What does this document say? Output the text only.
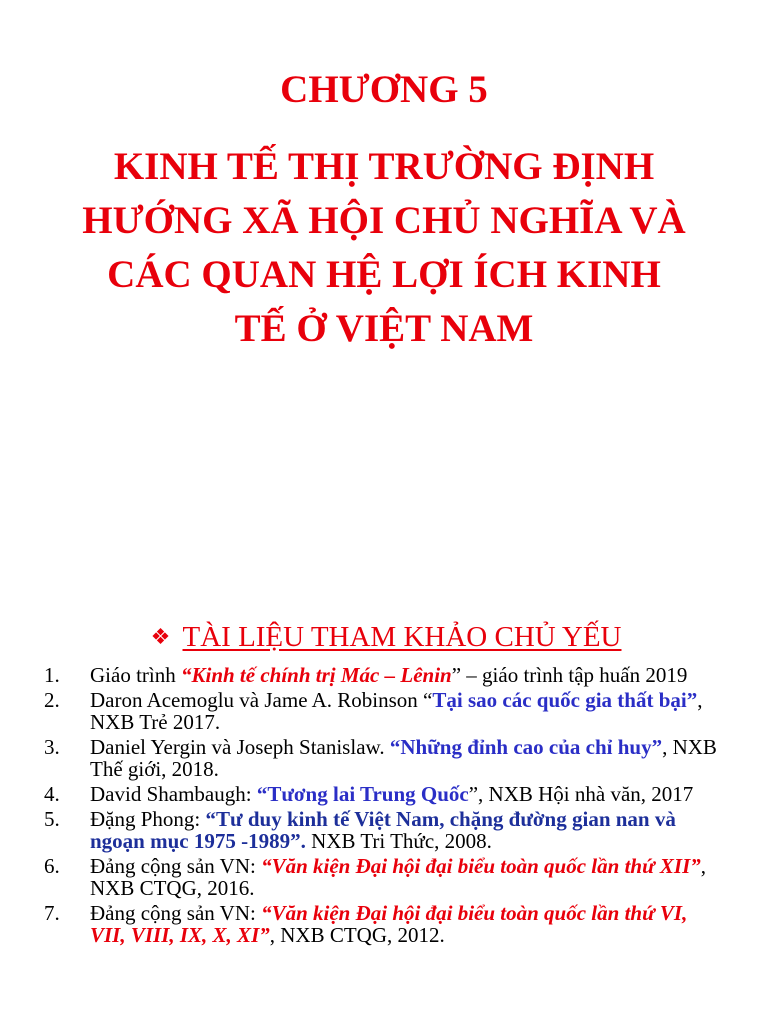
CHƯƠNG 5
KINH TẾ THỊ TRƯỜNG ĐỊNH
HƯỚNG XÃ HỘI CHỦ NGHĨA VÀ
CÁC QUAN HỆ LỢI ÍCH KINH
TẾ Ở VIỆT NAM
❖ TÀI LIỆU THAM KHẢO CHỦ YẾU
1. Giáo trình “Kinh tế chính trị Mác – Lênin” – giáo trình tập huấn 2019
2. Daron Acemoglu và Jame A. Robinson “Tại sao các quốc gia thất bại”, NXB Trẻ 2017.
3. Daniel Yergin và Joseph Stanislaw. “Những đỉnh cao của chỉ huy”, NXB Thế giới, 2018.
4. David Shambaugh: “Tương lai Trung Quốc”, NXB Hội nhà văn, 2017
5. Đặng Phong: “Tư duy kinh tế Việt Nam, chặng đường gian nan và ngoạn mục 1975 -1989”. NXB Tri Thức, 2008.
6. Đảng cộng sản VN: “Văn kiện Đại hội đại biểu toàn quốc lần thứ XII”, NXB CTQG, 2016.
7. Đảng cộng sản VN: “Văn kiện Đại hội đại biểu toàn quốc lần thứ VI, VII, VIII, IX, X, XI”, NXB CTQG, 2012.
